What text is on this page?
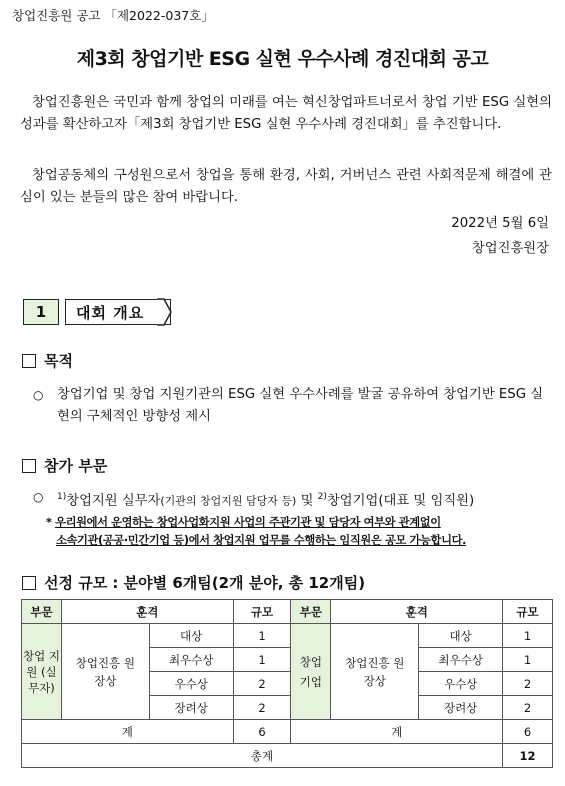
창업진흥원 공고 「제2022-037호」
제3회 창업기반 ESG 실현 우수사례 경진대회 공고

창업진흥원은 국민과 함께 창업의 미래를 여는 혁신창업파트너로서 창업 기반 ESG 실현의 성과를 확산하고자「제3회 창업기반 ESG 실현 우수사례 경진대회」를 추진합니다.

창업공동체의 구성원으로서 창업을 통해 환경, 사회, 거버넌스 관련 사회적문제 해결에 관심이 있는 분들의 많은 참여 바랍니다.

2022년 5월 6일
창업진흥원장
1	대회 개요
목적
○	창업기업 및 창업 지원기관의 ESG 실현 우수사례를 발굴 공유하여 창업기반 ESG 실현의 구체적인 방향성 제시
참가 부문
○	$^{1)}$창업지원 실무자(기관의 창업지원 담당자 등) 및 $^{2)}$창업기업(대표 및 임직원)
* 우리원에서 운영하는 창업사업화지원 사업의 주관기관 및 담당자 여부와 관계없이
소속기관(공공·민간기업 등)에서 창업지원 업무를 수행하는 임직원은 공모 가능합니다.
선정 규모 : 분야별 6개팀(2개 분야, 총 12개팀)
부문	훈격		규모	부문	훈격		규모
창업 지원 (실무자)	창업진흥 원장상	대상	1	창업 기업	창업진흥 원장상	대상	1
		최우수상	1			최우수상	1
		우수상	2			우수상	2
		장려상	2			장려상	2
계			6	계			6
총계							12
